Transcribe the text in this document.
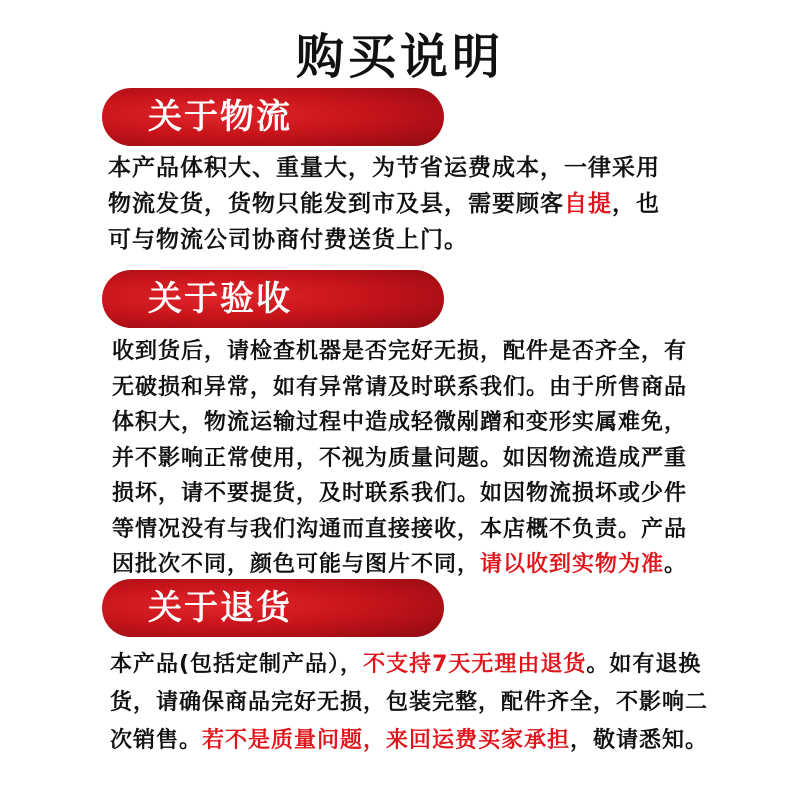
购买说明
关于物流
本产品体积大、重量大，为节省运费成本，一律采用
物流发货，货物只能发到市及县，需要顾客自提，也
可与物流公司协商付费送货上门。
关于验收
收到货后，请检查机器是否完好无损，配件是否齐全，有
无破损和异常，如有异常请及时联系我们。由于所售商品
体积大，物流运输过程中造成轻微剐蹭和变形实属难免，
并不影响正常使用，不视为质量问题。如因物流造成严重
损坏，请不要提货，及时联系我们。如因物流损坏或少件
等情况没有与我们沟通而直接接收，本店概不负责。产品
因批次不同，颜色可能与图片不同，请以收到实物为准。
关于退货
本产品(包括定制产品），不支持7天无理由退货。如有退换
货，请确保商品完好无损，包装完整，配件齐全，不影响二
次销售。若不是质量问题，来回运费买家承担，敬请悉知。
